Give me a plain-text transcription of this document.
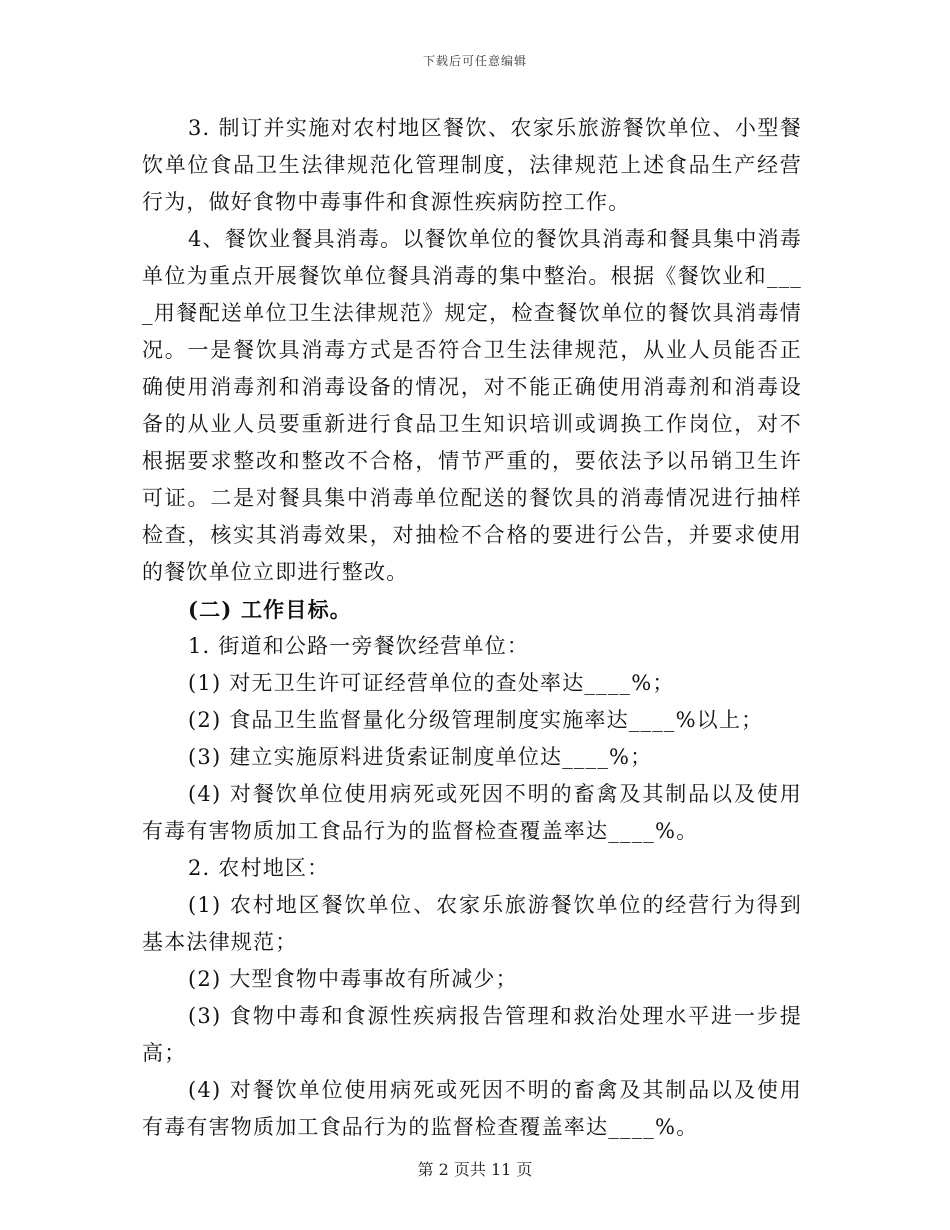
下载后可任意编辑

3. 制订并实施对农村地区餐饮、农家乐旅游餐饮单位、小型餐饮单位食品卫生法律规范化管理制度，法律规范上述食品生产经营行为，做好食物中毒事件和食源性疾病防控工作。

4、餐饮业餐具消毒。以餐饮单位的餐饮具消毒和餐具集中消毒单位为重点开展餐饮单位餐具消毒的集中整治。根据《餐饮业和____用餐配送单位卫生法律规范》规定，检查餐饮单位的餐饮具消毒情况。一是餐饮具消毒方式是否符合卫生法律规范，从业人员能否正确使用消毒剂和消毒设备的情况，对不能正确使用消毒剂和消毒设备的从业人员要重新进行食品卫生知识培训或调换工作岗位，对不根据要求整改和整改不合格，情节严重的，要依法予以吊销卫生许可证。二是对餐具集中消毒单位配送的餐饮具的消毒情况进行抽样检查，核实其消毒效果，对抽检不合格的要进行公告，并要求使用的餐饮单位立即进行整改。

(二) 工作目标。

1. 街道和公路一旁餐饮经营单位：

(1) 对无卫生许可证经营单位的查处率达____%；

(2) 食品卫生监督量化分级管理制度实施率达____%以上；

(3) 建立实施原料进货索证制度单位达____%；

(4) 对餐饮单位使用病死或死因不明的畜禽及其制品以及使用有毒有害物质加工食品行为的监督检查覆盖率达____%。

2. 农村地区：

(1) 农村地区餐饮单位、农家乐旅游餐饮单位的经营行为得到基本法律规范；

(2) 大型食物中毒事故有所减少；

(3) 食物中毒和食源性疾病报告管理和救治处理水平进一步提高；

(4) 对餐饮单位使用病死或死因不明的畜禽及其制品以及使用有毒有害物质加工食品行为的监督检查覆盖率达____%。

第 2 页共 11 页
